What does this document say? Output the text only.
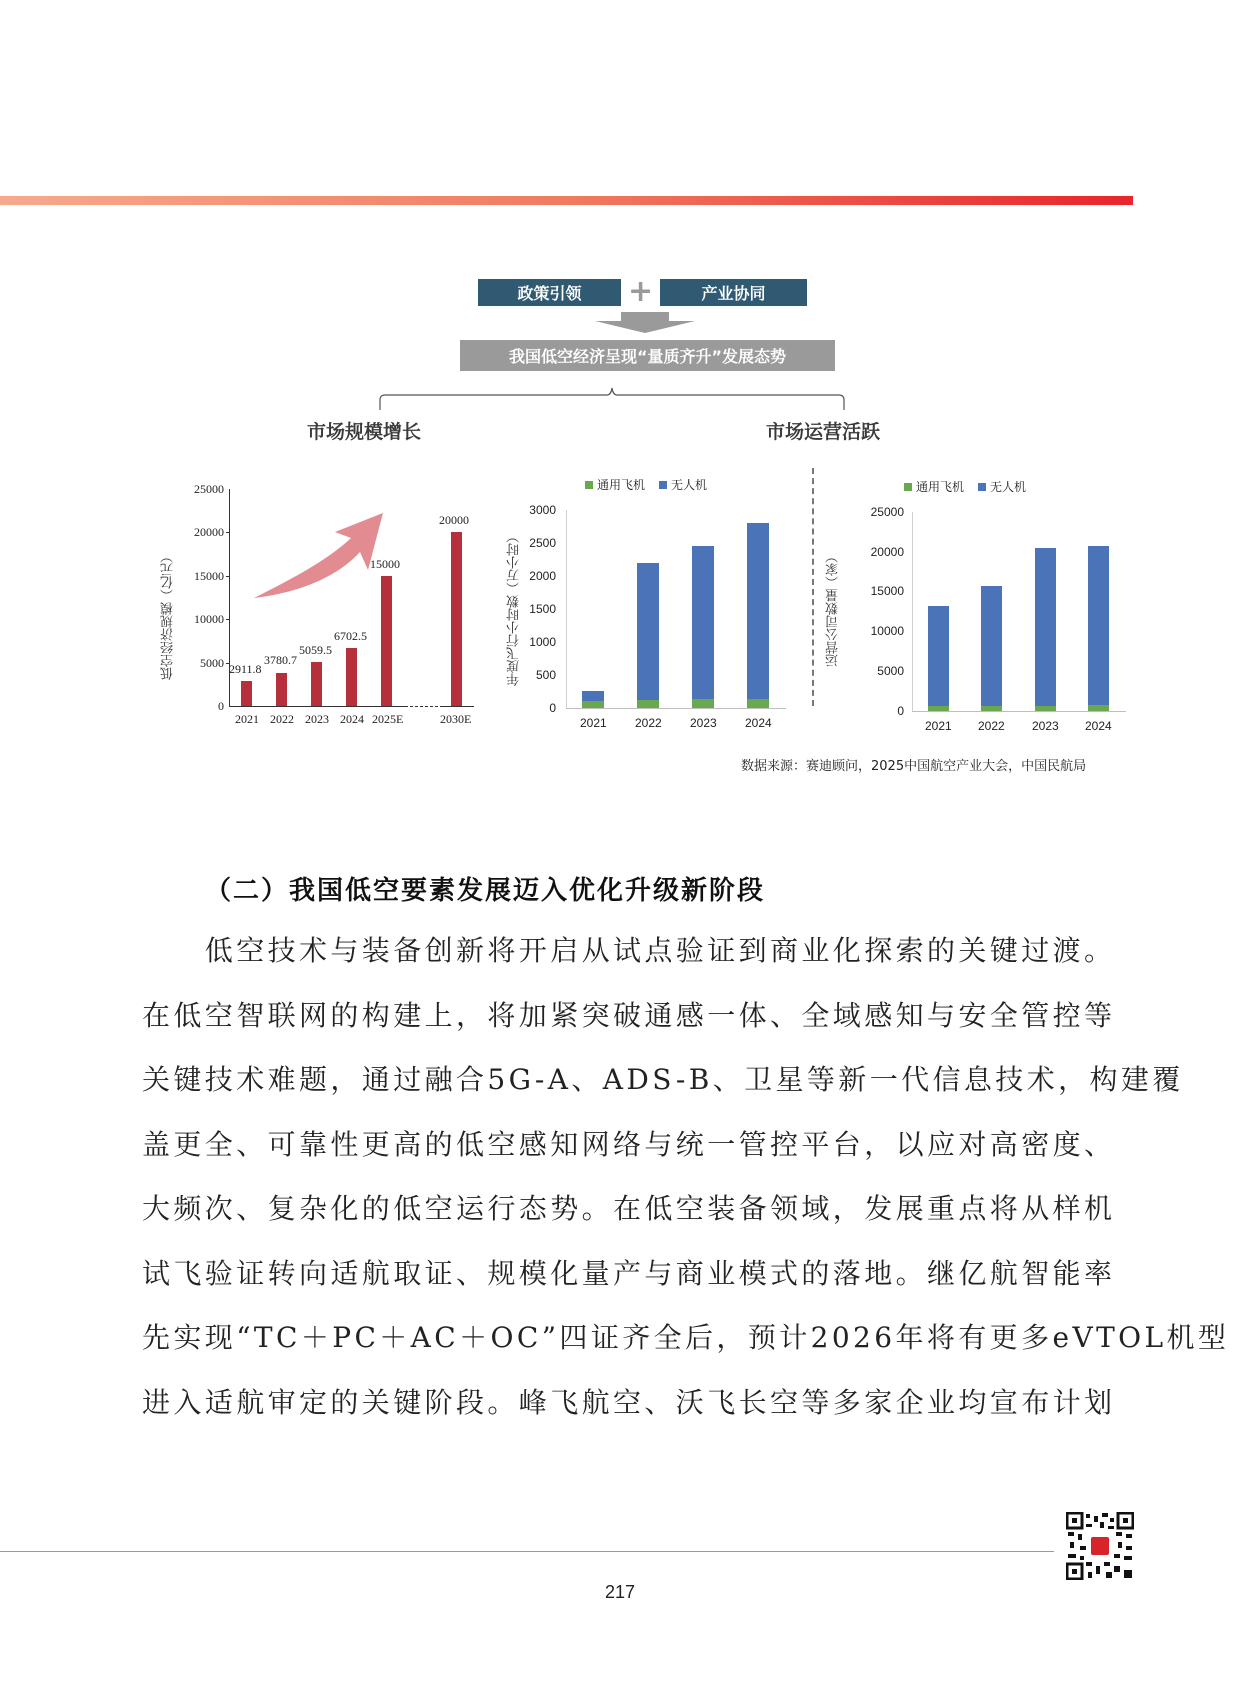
政策引领 +	产业协同
我国低空经济呈现“量质齐升”发展态势
市场规模增长	市场运营活跃
低空经济规模（亿元）
25000
20000
15000
10000
5000
0
2911.8
3780.7
5059.5
6702.5
15000
20000
2021 2022 2023 2024 2025E	2030E
通用飞机 无人机
年度飞行小时数（万小时）
3000
2500
2000
1500
1000
500
0
2021 2022 2023 2024
通用飞机 无人机
运营公司数量（家）
25000
20000
15000
10000
5000
0
2021 2022 2023 2024
数据来源：赛迪顾问，2025中国航空产业大会，中国民航局
（二）我国低空要素发展迈入优化升级新阶段

　　低空技术与装备创新将开启从试点验证到商业化探索的关键过渡。

在低空智联网的构建上，将加紧突破通感一体、全域感知与安全管控等

关键技术难题，通过融合5G-A、ADS-B、卫星等新一代信息技术，构建覆

盖更全、可靠性更高的低空感知网络与统一管控平台，以应对高密度、

大频次、复杂化的低空运行态势。在低空装备领域，发展重点将从样机

试飞验证转向适航取证、规模化量产与商业模式的落地。继亿航智能率

先实现“TC＋PC＋AC＋OC”四证齐全后，预计2026年将有更多eVTOL机型

进入适航审定的关键阶段。峰飞航空、沃飞长空等多家企业均宣布计划

217
